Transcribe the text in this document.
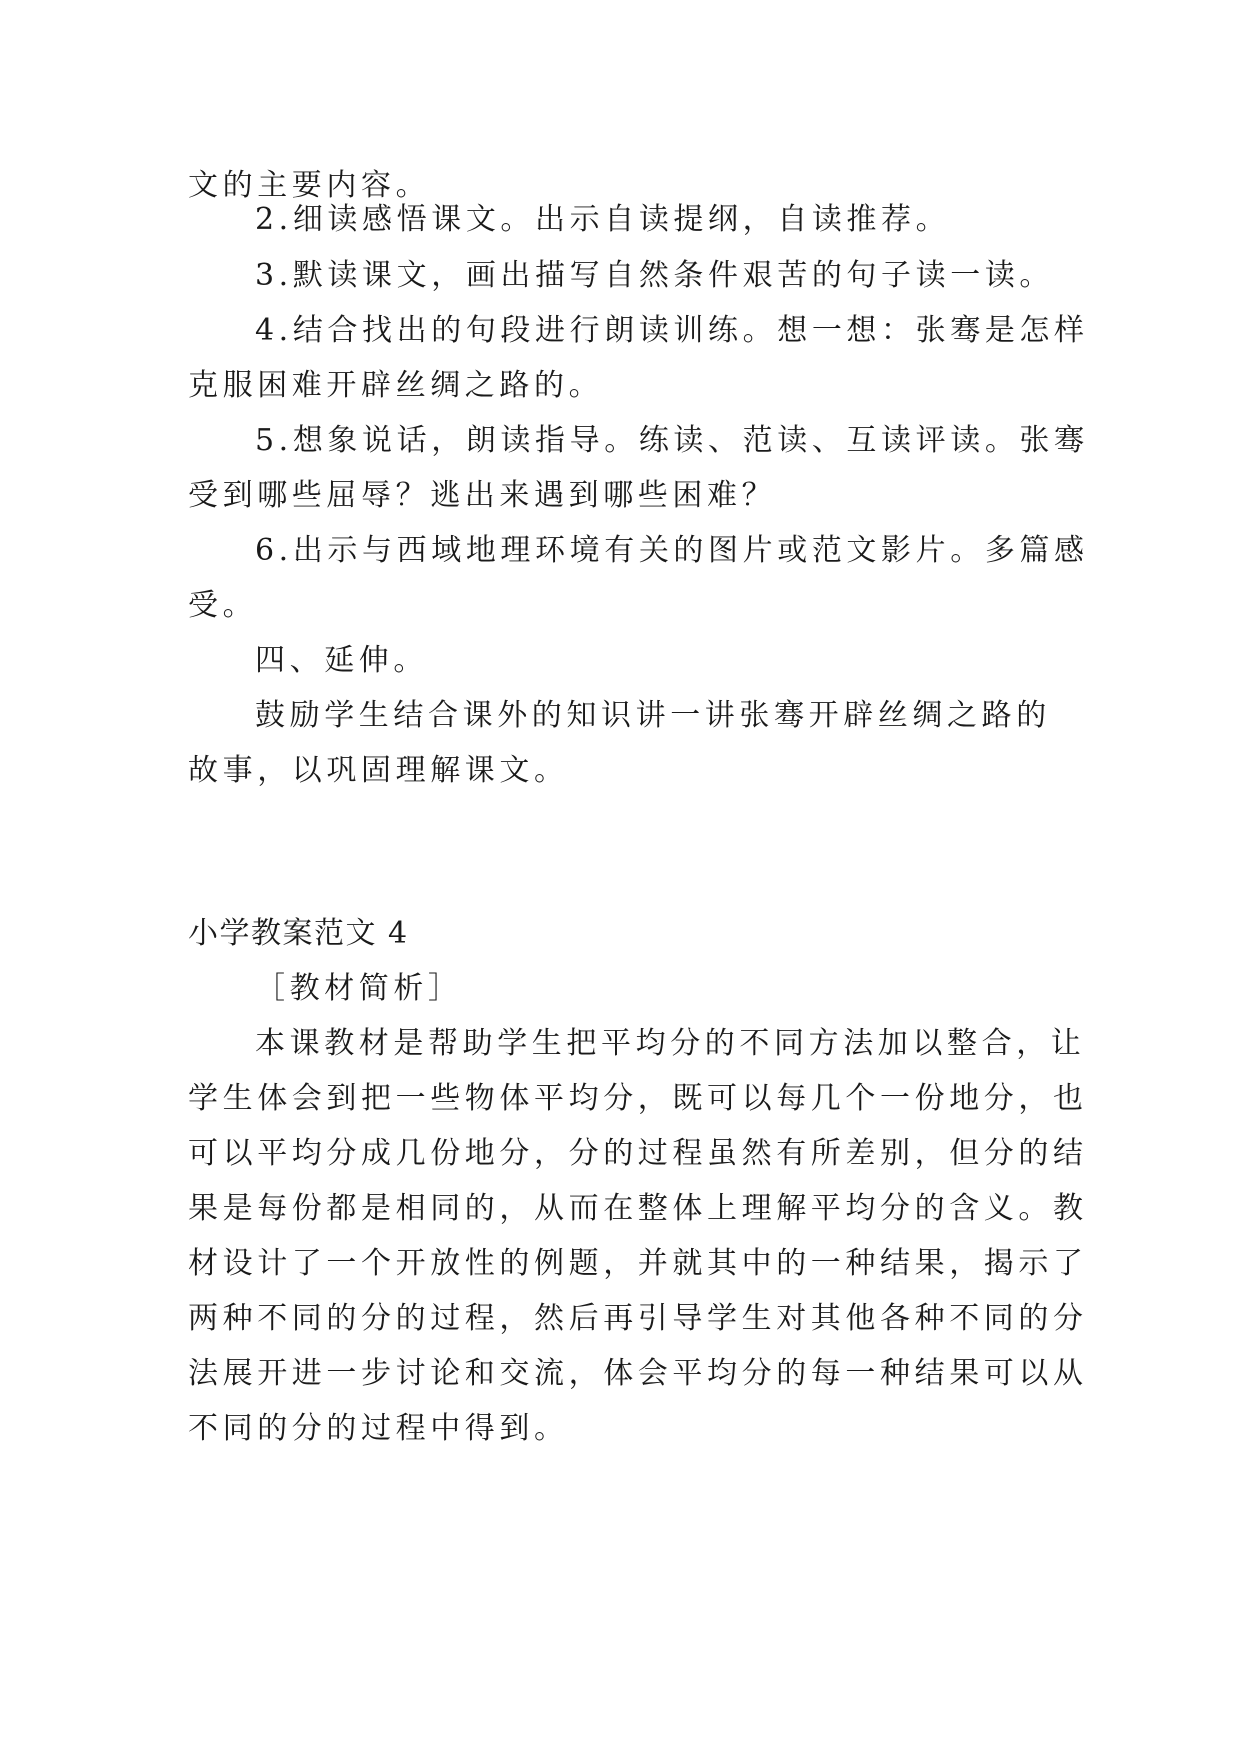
文的主要内容。
2.细读感悟课文。出示自读提纲，自读推荐。
3.默读课文，画出描写自然条件艰苦的句子读一读。
4.结合找出的句段进行朗读训练。想一想：张骞是怎样
克服困难开辟丝绸之路的。
5.想象说话，朗读指导。练读、范读、互读评读。张骞
受到哪些屈辱？逃出来遇到哪些困难？
6.出示与西域地理环境有关的图片或范文影片。多篇感
受。
四、延伸。
鼓励学生结合课外的知识讲一讲张骞开辟丝绸之路的
故事，以巩固理解课文。
小学教案范文 4
［教材简析］
本课教材是帮助学生把平均分的不同方法加以整合，让
学生体会到把一些物体平均分，既可以每几个一份地分，也
可以平均分成几份地分，分的过程虽然有所差别，但分的结
果是每份都是相同的，从而在整体上理解平均分的含义。教
材设计了一个开放性的例题，并就其中的一种结果，揭示了
两种不同的分的过程，然后再引导学生对其他各种不同的分
法展开进一步讨论和交流，体会平均分的每一种结果可以从
不同的分的过程中得到。
